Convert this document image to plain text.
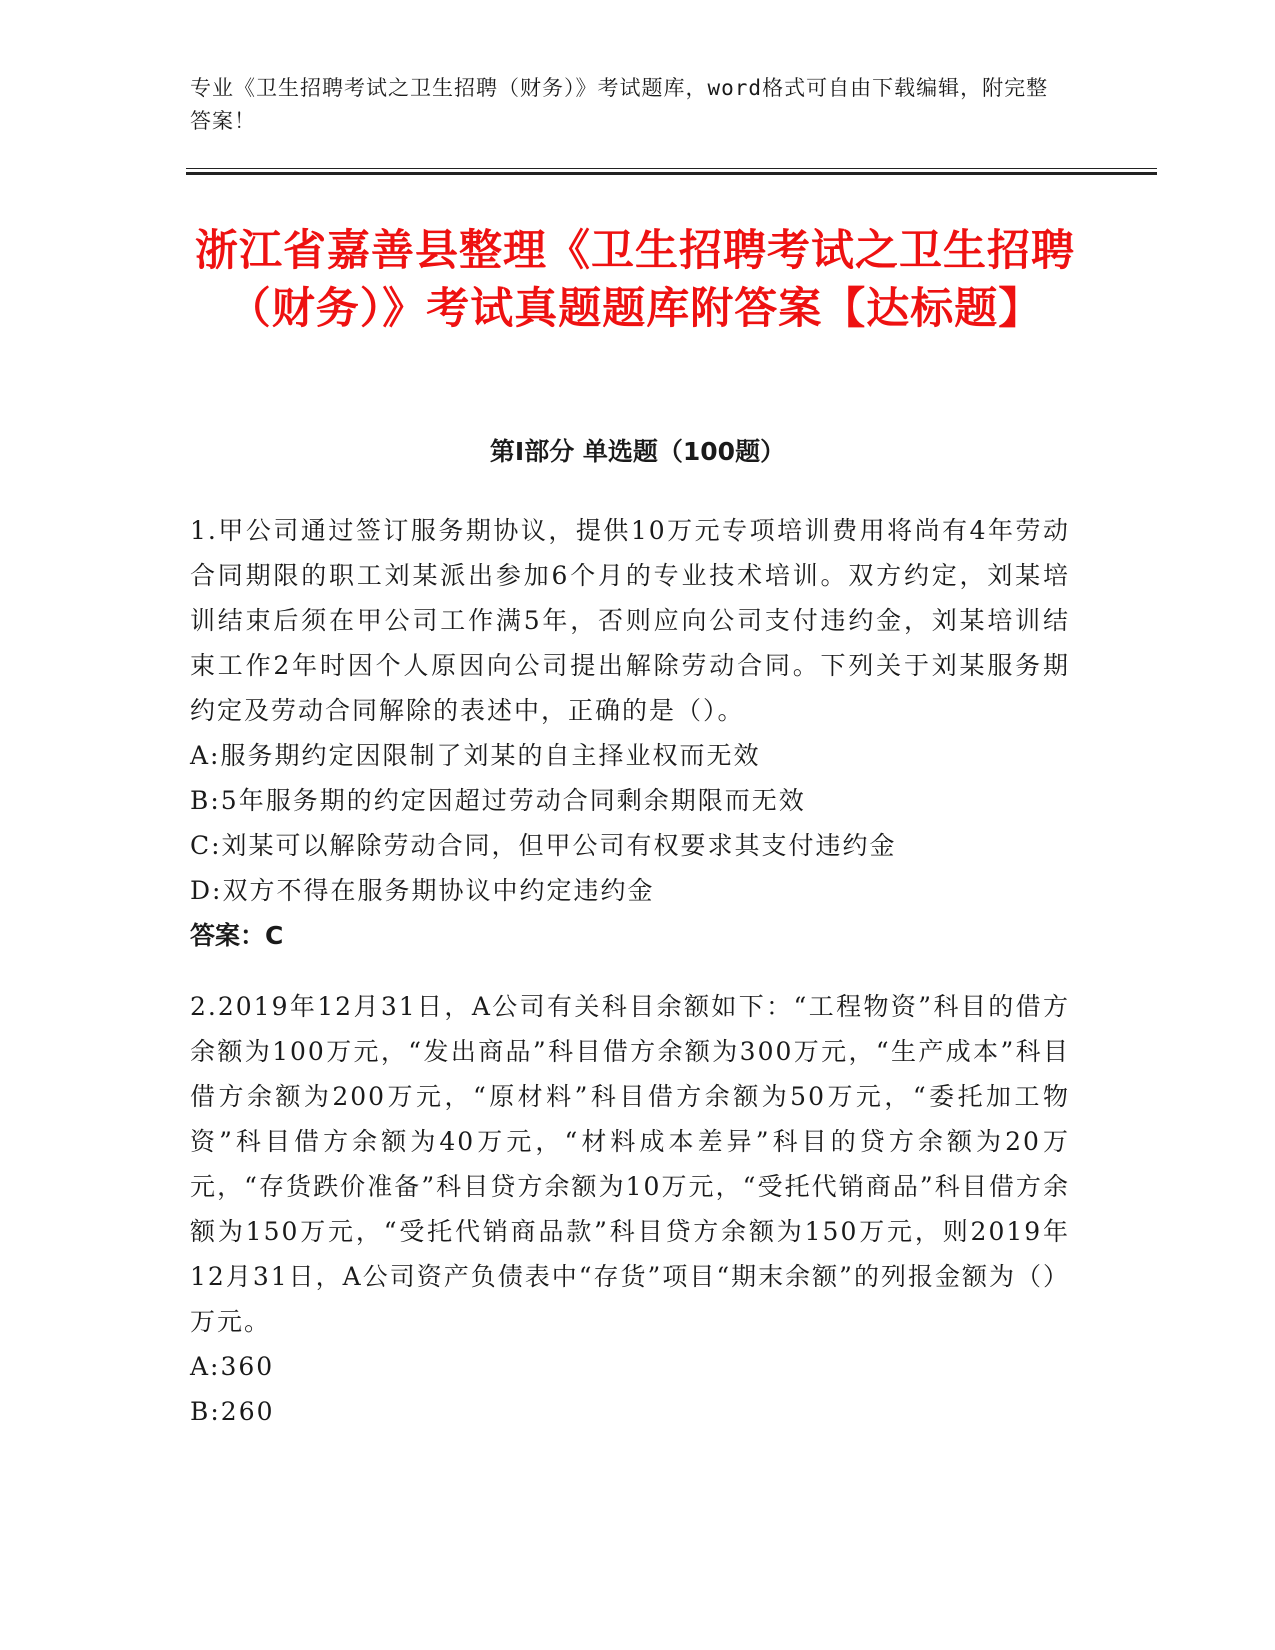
专业《卫生招聘考试之卫生招聘（财务）》考试题库，word格式可自由下载编辑，附完整答案！
浙江省嘉善县整理《卫生招聘考试之卫生招聘（财务）》考试真题题库附答案【达标题】
第Ⅰ部分 单选题（100题）
1.甲公司通过签订服务期协议，提供10万元专项培训费用将尚有4年劳动合同期限的职工刘某派出参加6个月的专业技术培训。双方约定，刘某培训结束后须在甲公司工作满5年，否则应向公司支付违约金，刘某培训结束工作2年时因个人原因向公司提出解除劳动合同。下列关于刘某服务期约定及劳动合同解除的表述中，正确的是（）。
A:服务期约定因限制了刘某的自主择业权而无效
B:5年服务期的约定因超过劳动合同剩余期限而无效
C:刘某可以解除劳动合同，但甲公司有权要求其支付违约金
D:双方不得在服务期协议中约定违约金
答案：C
2.2019年12月31日，A公司有关科目余额如下：“工程物资”科目的借方余额为100万元，“发出商品”科目借方余额为300万元，“生产成本”科目借方余额为200万元，“原材料”科目借方余额为50万元，“委托加工物资”科目借方余额为40万元，“材料成本差异”科目的贷方余额为20万元，“存货跌价准备”科目贷方余额为10万元，“受托代销商品”科目借方余额为150万元，“受托代销商品款”科目贷方余额为150万元，则2019年12月31日，A公司资产负债表中“存货”项目“期末余额”的列报金额为（）万元。
A:360
B:260
